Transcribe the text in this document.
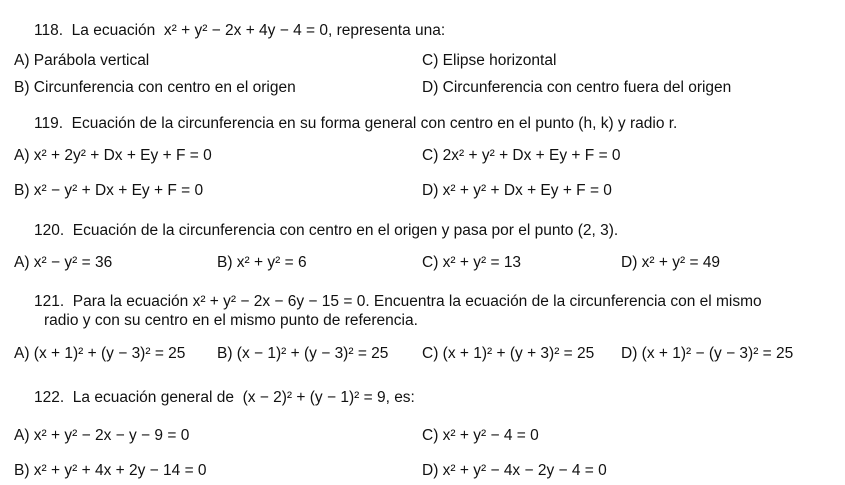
118. La ecuación x² + y² − 2x + 4y − 4 = 0, representa una:
A) Parábola vertical	C) Elipse horizontal
B) Circunferencia con centro en el origen	D) Circunferencia con centro fuera del origen
119. Ecuación de la circunferencia en su forma general con centro en el punto (h, k) y radio r.
A) x² + 2y² + Dx + Ey + F = 0	C) 2x² + y² + Dx + Ey + F = 0
B) x² − y² + Dx + Ey + F = 0	D) x² + y² + Dx + Ey + F = 0
120. Ecuación de la circunferencia con centro en el origen y pasa por el punto (2, 3).
A) x² − y² = 36	B) x² + y² = 6	C) x² + y² = 13	D) x² + y² = 49
121. Para la ecuación x² + y² − 2x − 6y − 15 = 0. Encuentra la ecuación de la circunferencia con el mismo
radio y con su centro en el mismo punto de referencia.
A) (x + 1)² + (y − 3)² = 25 B) (x − 1)² + (y − 3)² = 25 C) (x + 1)² + (y + 3)² = 25 D) (x + 1)² − (y − 3)² = 25
122. La ecuación general de (x − 2)² + (y − 1)² = 9, es:
A) x² + y² − 2x − y − 9 = 0	C) x² + y² − 4 = 0
B) x² + y² + 4x + 2y − 14 = 0	D) x² + y² − 4x − 2y − 4 = 0
